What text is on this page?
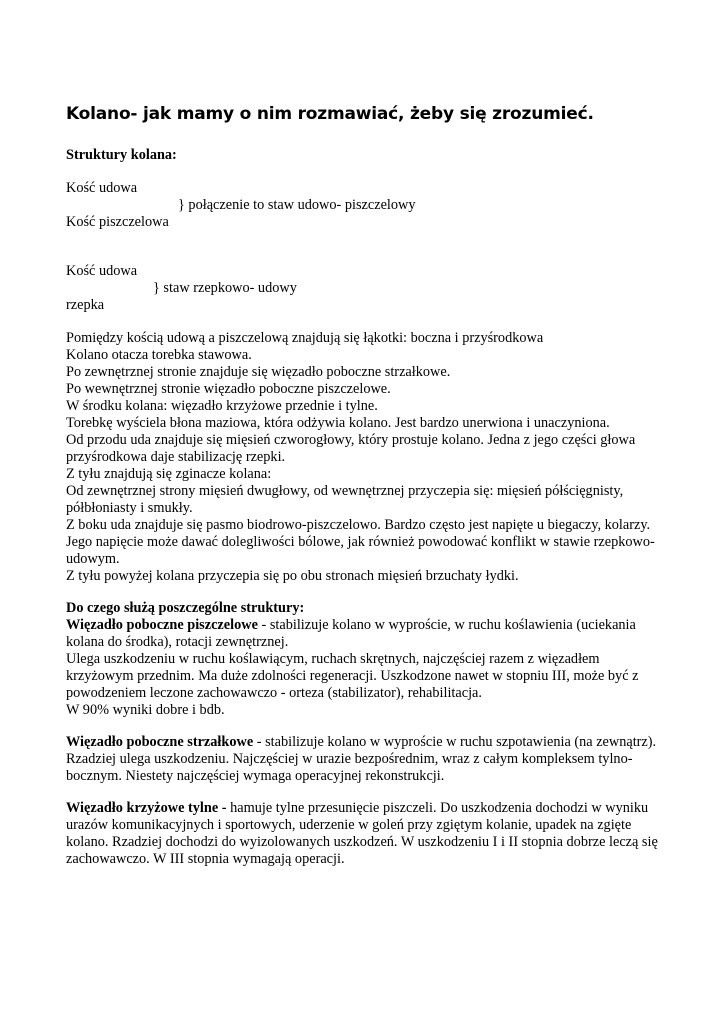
Kolano- jak mamy o nim rozmawiać, żeby się zrozumieć.
Struktury kolana:
Kość udowa
} połączenie to staw udowo- piszczelowy
Kość piszczelowa
Kość udowa
} staw rzepkowo- udowy
rzepka

Pomiędzy kością udową a piszczelową znajdują się łąkotki: boczna i przyśrodkowa

Kolano otacza torebka stawowa.

Po zewnętrznej stronie znajduje się więzadło poboczne strzałkowe.

Po wewnętrznej stronie więzadło poboczne piszczelowe.

W środku kolana: więzadło krzyżowe przednie i tylne.

Torebkę wyściela błona maziowa, która odżywia kolano. Jest bardzo unerwiona i unaczyniona.

Od przodu uda znajduje się mięsień czworogłowy, który prostuje kolano. Jedna z jego części głowa przyśrodkowa daje stabilizację rzepki.

Z tyłu znajdują się zginacze kolana:

Od zewnętrznej strony mięsień dwugłowy, od wewnętrznej przyczepia się: mięsień półścięgnisty, półbłoniasty i smukły.

Z boku uda znajduje się pasmo biodrowo-piszczelowo. Bardzo często jest napięte u biegaczy, kolarzy. Jego napięcie może dawać dolegliwości bólowe, jak również powodować konflikt w stawie rzepkowo- udowym.

Z tyłu powyżej kolana przyczepia się po obu stronach mięsień brzuchaty łydki.

Do czego służą poszczególne struktury:

Więzadło poboczne piszczelowe - stabilizuje kolano w wyproście, w ruchu koślawienia (uciekania kolana do środka), rotacji zewnętrznej.

Ulega uszkodzeniu w ruchu koślawiącym, ruchach skrętnych, najczęściej razem z więzadłem krzyżowym przednim. Ma duże zdolności regeneracji. Uszkodzone nawet w stopniu III, może być z powodzeniem leczone zachowawczo - orteza (stabilizator), rehabilitacja.

W 90% wyniki dobre i bdb.

Więzadło poboczne strzałkowe - stabilizuje kolano w wyproście w ruchu szpotawienia (na zewnątrz). Rzadziej ulega uszkodzeniu. Najczęściej w urazie bezpośrednim, wraz z całym kompleksem tylno- bocznym. Niestety najczęściej wymaga operacyjnej rekonstrukcji.

Więzadło krzyżowe tylne - hamuje tylne przesunięcie piszczeli. Do uszkodzenia dochodzi w wyniku urazów komunikacyjnych i sportowych, uderzenie w goleń przy zgiętym kolanie, upadek na zgięte kolano. Rzadziej dochodzi do wyizolowanych uszkodzeń. W uszkodzeniu I i II stopnia dobrze leczą się zachowawczo. W III stopnia wymagają operacji.
